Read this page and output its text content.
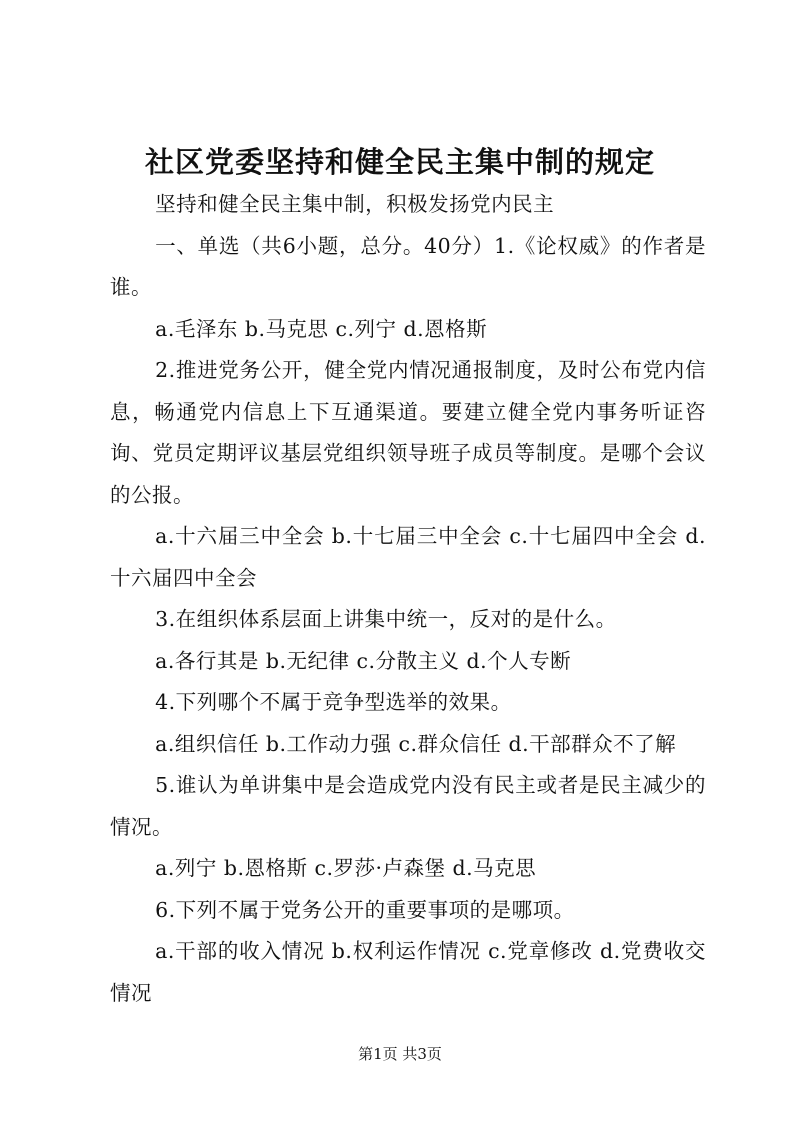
社区党委坚持和健全民主集中制的规定

坚持和健全民主集中制，积极发扬党内民主

一、单选（共6小题，总分。40分）1.《论权威》的作者是谁。

a.毛泽东 b.马克思 c.列宁 d.恩格斯

2.推进党务公开，健全党内情况通报制度，及时公布党内信息，畅通党内信息上下互通渠道。要建立健全党内事务听证咨询、党员定期评议基层党组织领导班子成员等制度。是哪个会议的公报。

a.十六届三中全会 b.十七届三中全会 c.十七届四中全会 d.十六届四中全会

3.在组织体系层面上讲集中统一，反对的是什么。

a.各行其是 b.无纪律 c.分散主义 d.个人专断

4.下列哪个不属于竞争型选举的效果。

a.组织信任 b.工作动力强 c.群众信任 d.干部群众不了解

5.谁认为单讲集中是会造成党内没有民主或者是民主减少的情况。

a.列宁 b.恩格斯 c.罗莎·卢森堡 d.马克思

6.下列不属于党务公开的重要事项的是哪项。

a.干部的收入情况 b.权利运作情况 c.党章修改 d.党费收交情况

第1页 共3页
